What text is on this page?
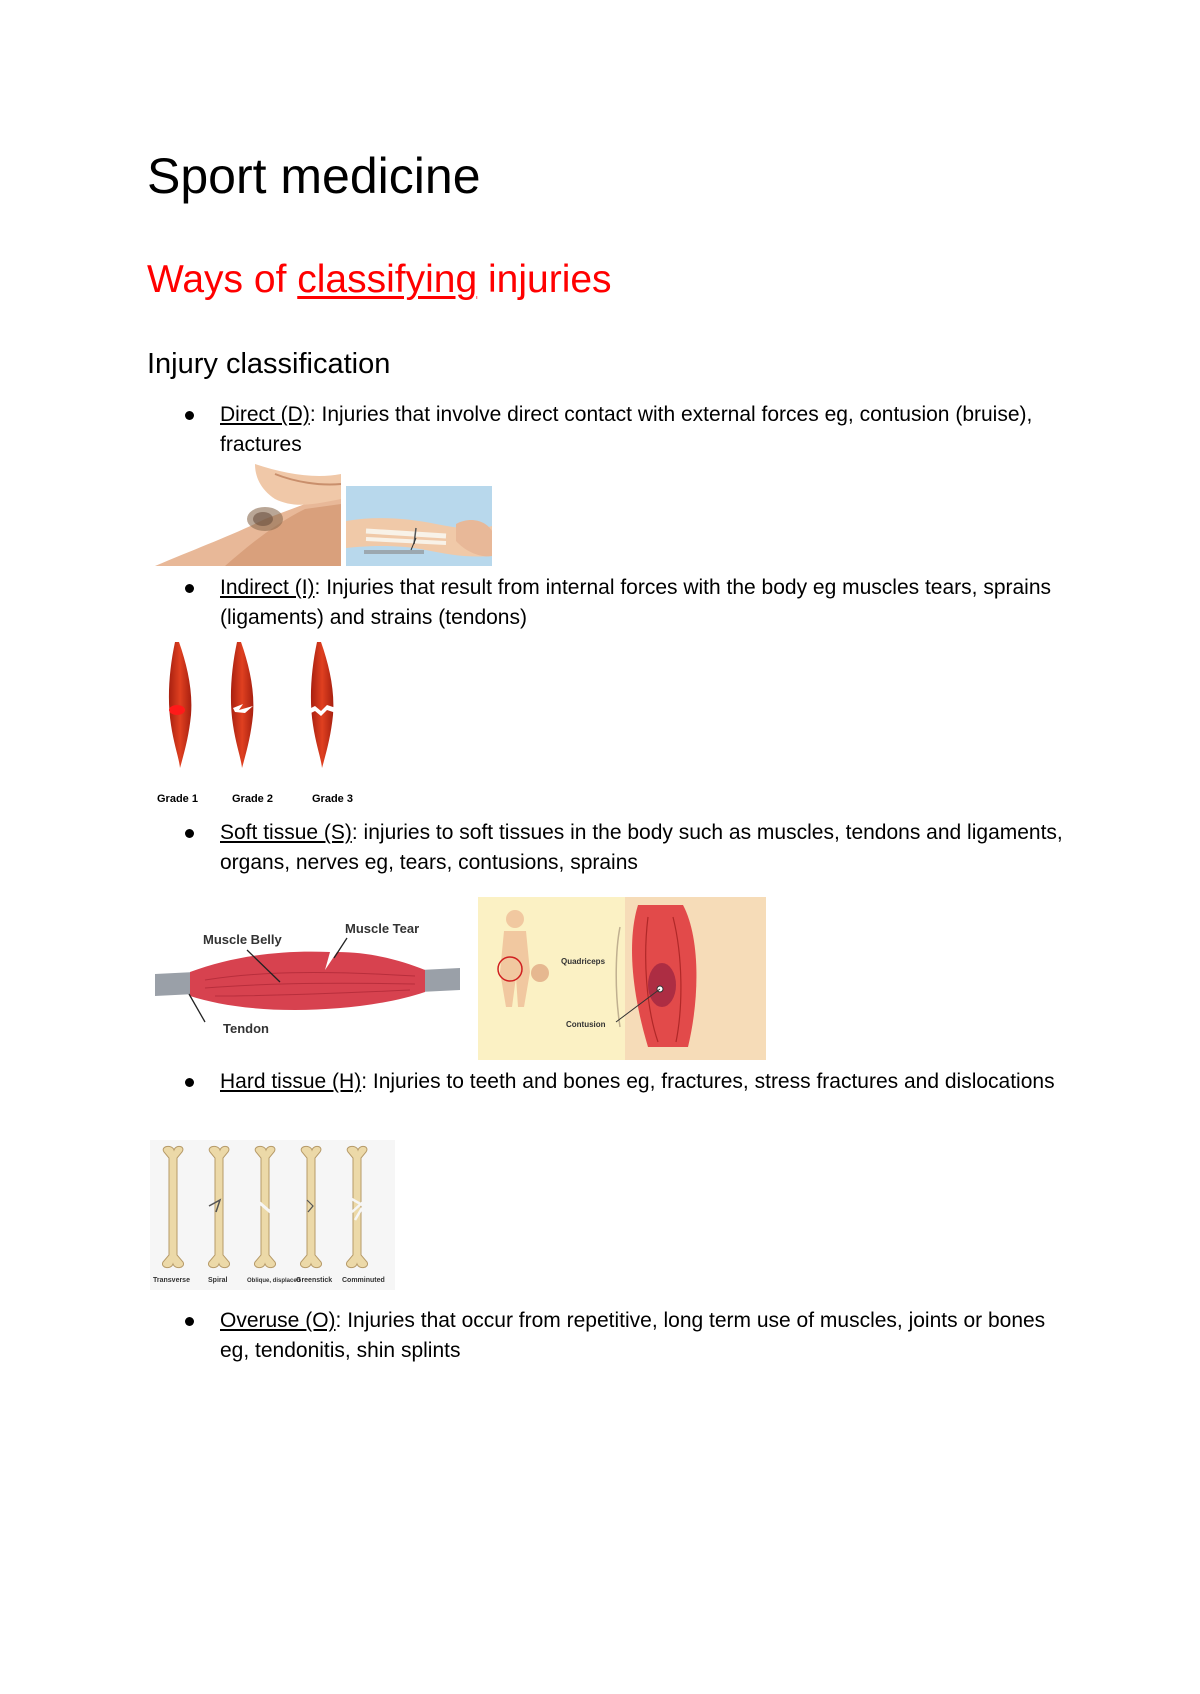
Sport medicine
Ways of classifying injuries
Injury classification
Direct (D): Injuries that involve direct contact with external forces eg, contusion (bruise), fractures
Indirect (I): Injuries that result from internal forces with the body eg muscles tears, sprains (ligaments) and strains (tendons)
Grade 1	Grade 2	Grade 3
Soft tissue (S): injuries to soft tissues in the body such as muscles, tendons and ligaments, organs, nerves eg, tears, contusions, sprains
Muscle Belly
Muscle Tear
Tendon
Quadriceps
Contusion
Hard tissue (H): Injuries to teeth and bones eg, fractures, stress fractures and dislocations
Transverse	Spiral	Oblique, displaced
Greenstick Comminuted
Overuse (O): Injuries that occur from repetitive, long term use of muscles, joints or bones eg, tendonitis, shin splints
